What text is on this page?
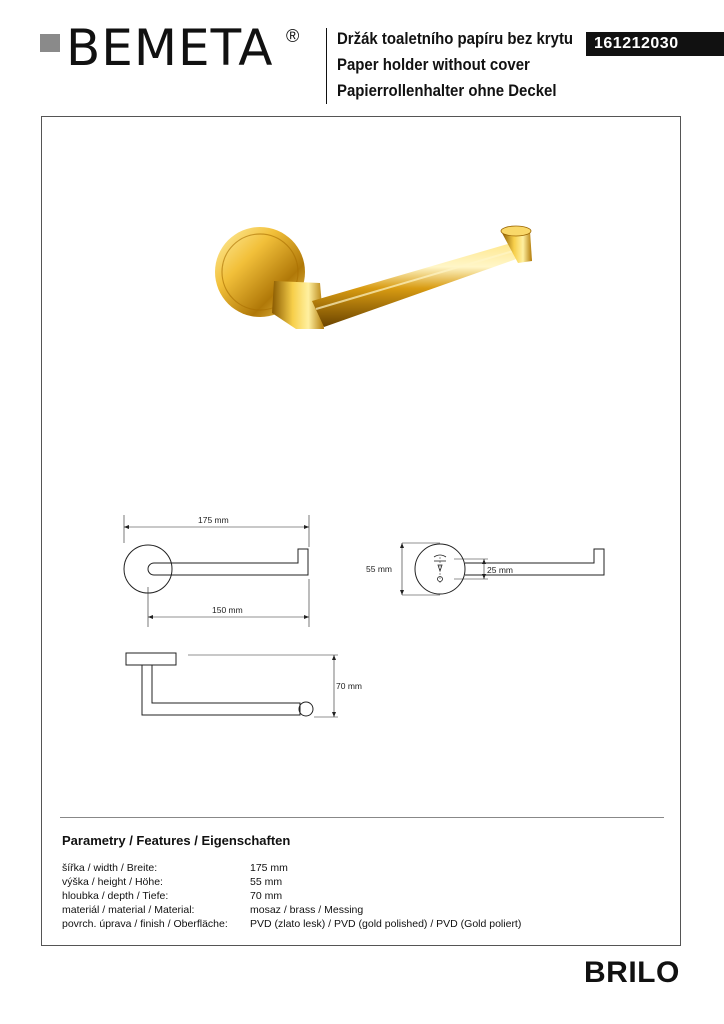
BEMETA ® Držák toaletního papíru bez krytu
Paper holder without cover
Papierrollenhalter ohne Deckel
161212030
175 mm
150 mm
55 mm	25 mm
70 mm
Parametry / Features / Eigenschaften
šířka / width / Breite:	175 mm
výška / height / Höhe:	55 mm
hloubka / depth / Tiefe:	70 mm
materiál / material / Material:	mosaz / brass / Messing
povrch. úprava / finish / Oberfläche:	PVD (zlato lesk) / PVD (gold polished) / PVD (Gold poliert)
BRILO
